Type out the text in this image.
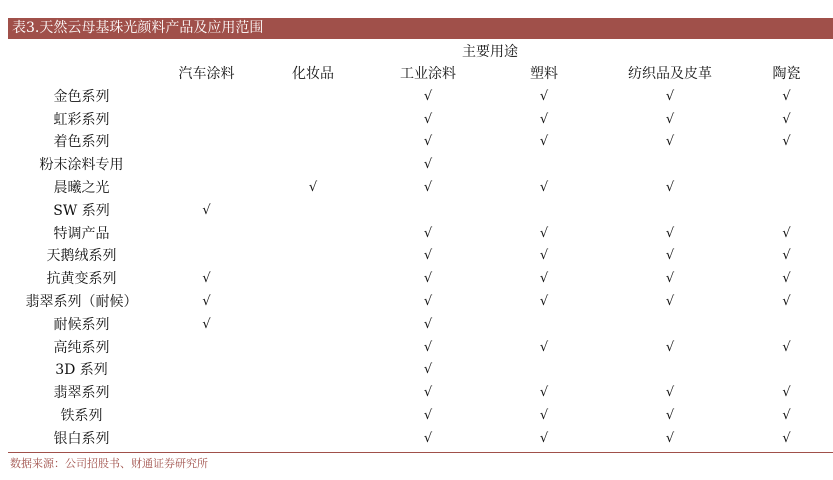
表3.天然云母基珠光颜料产品及应用范围
主要用途
	汽车涂料	化妆品	工业涂料	塑料	纺织品及皮革	陶瓷
金色系列			√	√	√	√
虹彩系列			√	√	√	√
着色系列			√	√	√	√
粉末涂料专用			√			
晨曦之光		√	√	√	√	
SW 系列	√					
特调产品			√	√	√	√
天鹅绒系列			√	√	√	√
抗黄变系列	√		√	√	√	√
翡翠系列（耐候）	√		√	√	√	√
耐候系列	√		√			
高纯系列			√	√	√	√
3D 系列			√			
翡翠系列			√	√	√	√
铁系列			√	√	√	√
银白系列			√	√	√	√
数据来源：公司招股书、财通证券研究所
